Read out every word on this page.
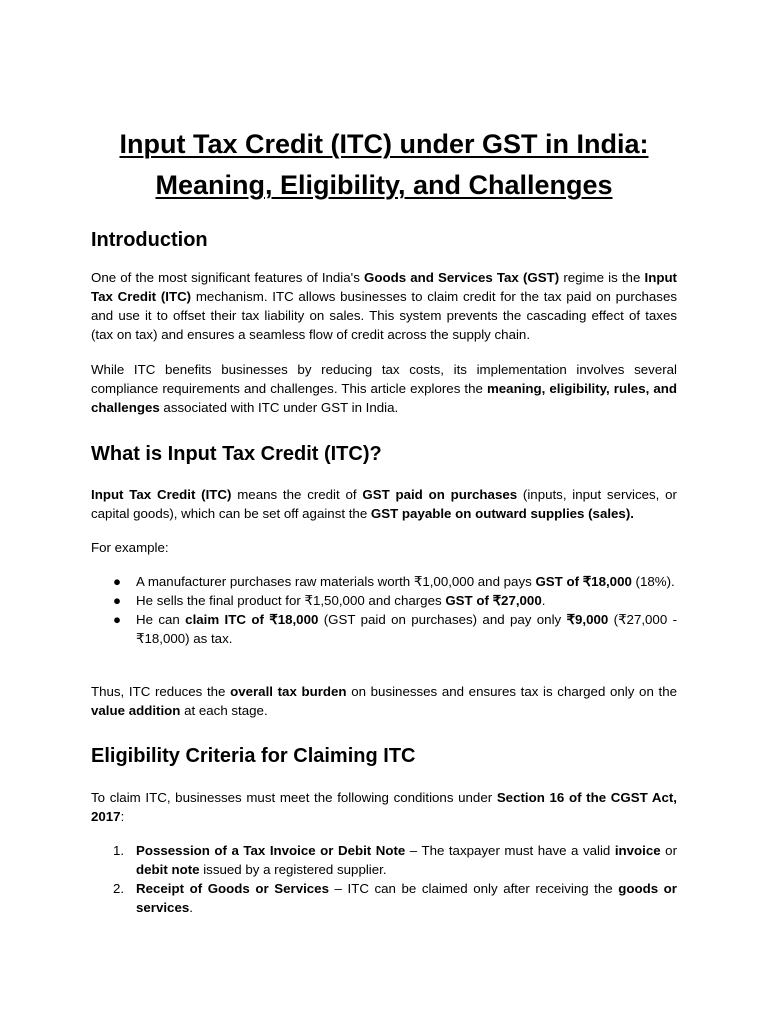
Input Tax Credit (ITC) under GST in India:
Meaning, Eligibility, and Challenges
Introduction

One of the most significant features of India's Goods and Services Tax (GST) regime is the Input Tax Credit (ITC) mechanism. ITC allows businesses to claim credit for the tax paid on purchases and use it to offset their tax liability on sales. This system prevents the cascading effect of taxes (tax on tax) and ensures a seamless flow of credit across the supply chain.

While ITC benefits businesses by reducing tax costs, its implementation involves several compliance requirements and challenges. This article explores the meaning, eligibility, rules, and challenges associated with ITC under GST in India.

What is Input Tax Credit (ITC)?

Input Tax Credit (ITC) means the credit of GST paid on purchases (inputs, input services, or capital goods), which can be set off against the GST payable on outward supplies (sales).

For example:

● A manufacturer purchases raw materials worth ₹1,00,000 and pays GST of ₹18,000 (18%).
● He sells the final product for ₹1,50,000 and charges GST of ₹27,000.
● He can claim ITC of ₹18,000 (GST paid on purchases) and pay only ₹9,000 (₹27,000 - ₹18,000) as tax.

Thus, ITC reduces the overall tax burden on businesses and ensures tax is charged only on the value addition at each stage.

Eligibility Criteria for Claiming ITC

To claim ITC, businesses must meet the following conditions under Section 16 of the CGST Act, 2017:

1. Possession of a Tax Invoice or Debit Note – The taxpayer must have a valid invoice or debit note issued by a registered supplier.
2. Receipt of Goods or Services – ITC can be claimed only after receiving the goods or services.
